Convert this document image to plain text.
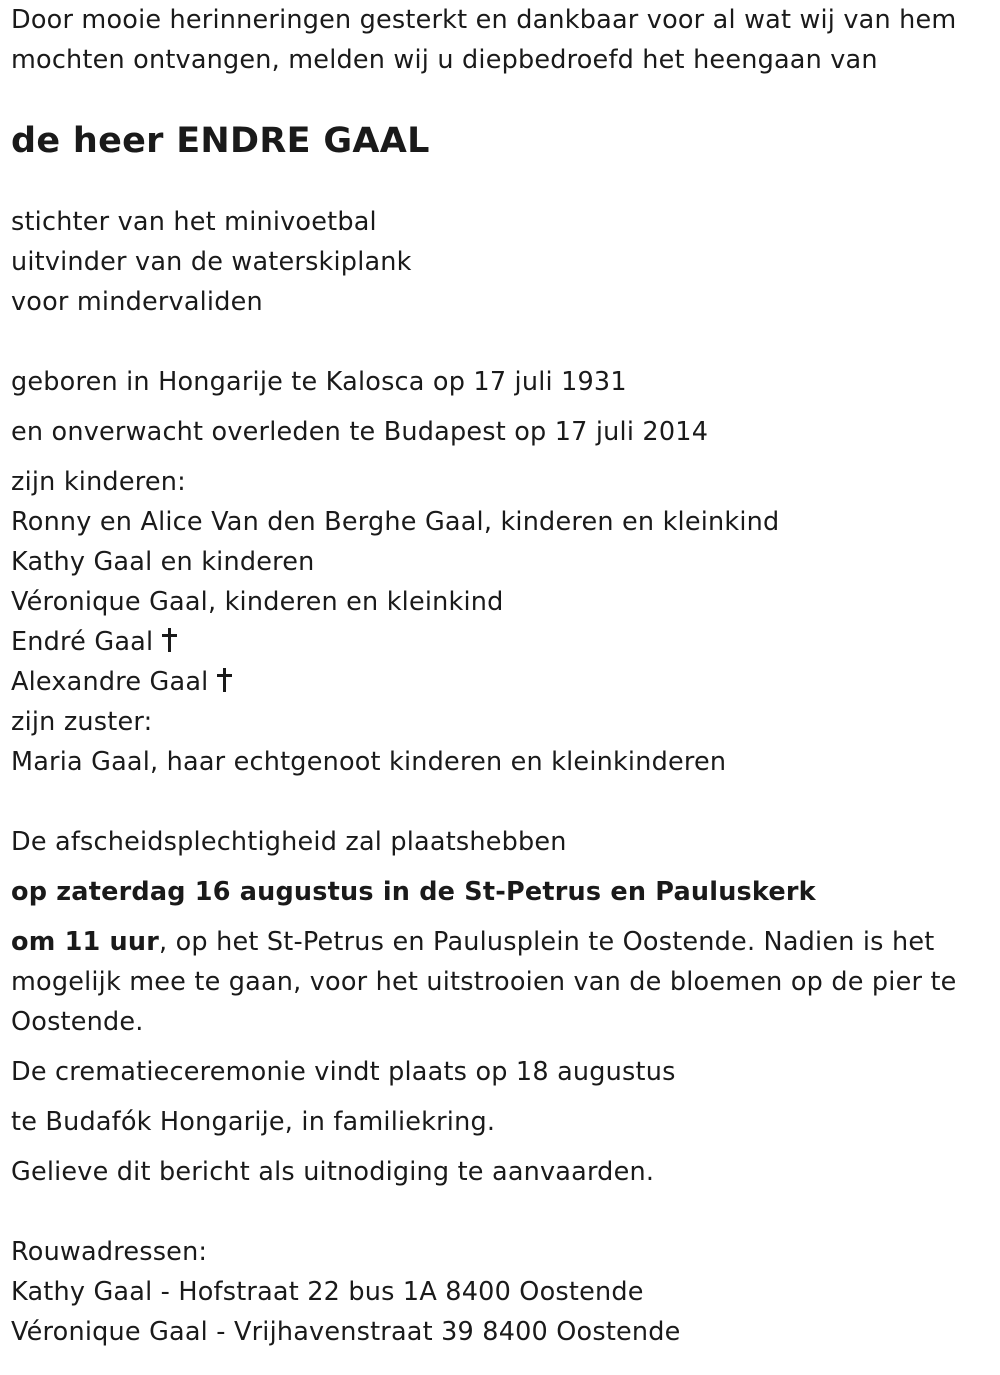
Door mooie herinneringen gesterkt en dankbaar voor al wat wij van hem
mochten ontvangen, melden wij u diepbedroefd het heengaan van
de heer ENDRE GAAL
stichter van het minivoetbal
uitvinder van de waterskiplank
voor mindervaliden
geboren in Hongarije te Kalosca op 17 juli 1931
en onverwacht overleden te Budapest op 17 juli 2014
zijn kinderen:
Ronny en Alice Van den Berghe Gaal, kinderen en kleinkind
Kathy Gaal en kinderen
Véronique Gaal, kinderen en kleinkind
Endré Gaal
Alexandre Gaal
zijn zuster:
Maria Gaal, haar echtgenoot kinderen en kleinkinderen
De afscheidsplechtigheid zal plaatshebben
op zaterdag 16 augustus in de St-Petrus en Pauluskerk
om 11 uur, op het St-Petrus en Paulusplein te Oostende. Nadien is het mogelijk mee te gaan, voor het uitstrooien van de bloemen op de pier te Oostende.
De crematieceremonie vindt plaats op 18 augustus
te Budafók Hongarije, in familiekring.
Gelieve dit bericht als uitnodiging te aanvaarden.
Rouwadressen:
Kathy Gaal - Hofstraat 22 bus 1A 8400 Oostende
Véronique Gaal - Vrijhavenstraat 39 8400 Oostende
